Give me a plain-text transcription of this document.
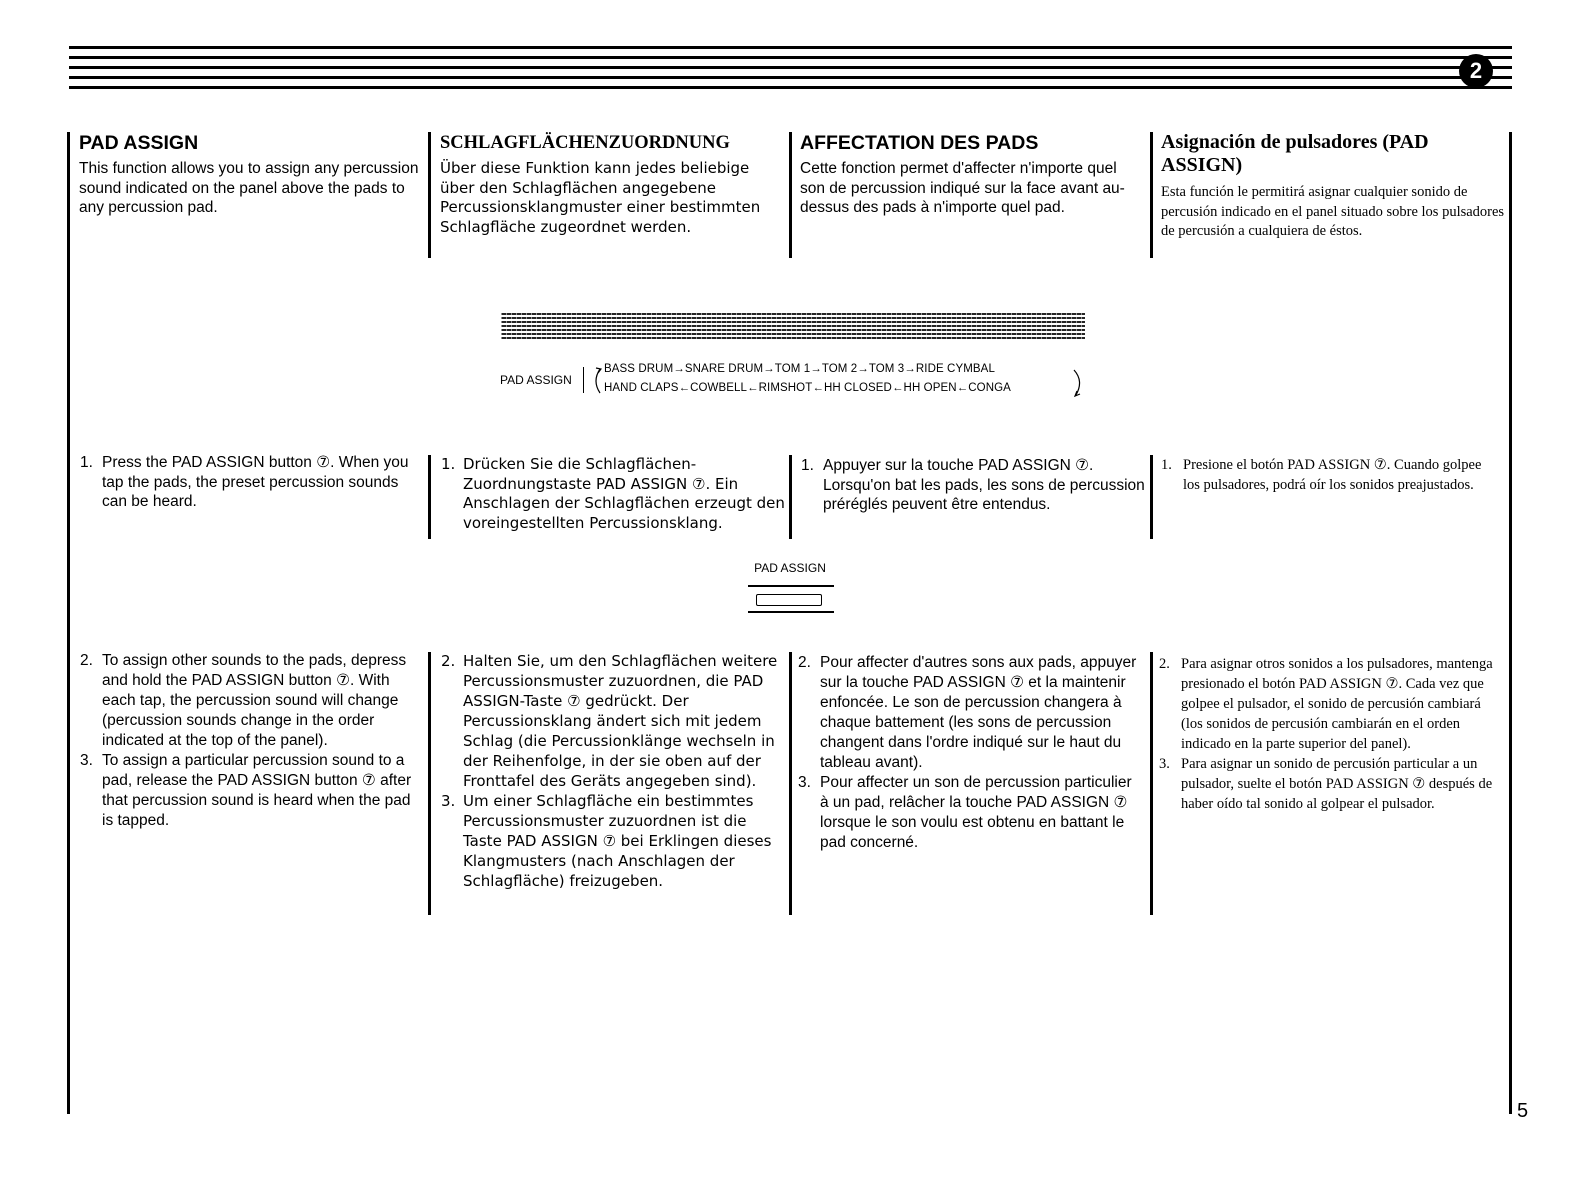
2
PAD ASSIGN

This function allows you to assign any percussion sound indicated on the panel above the pads to any percussion pad.

SCHLAGFLÄCHENZUORDNUNG

Über diese Funktion kann jedes beliebige über den Schlagflächen angegebene Percussionsklangmuster einer bestimmten Schlagfläche zugeordnet werden.

AFFECTATION DES PADS

Cette fonction permet d'affecter n'importe quel son de percussion indiqué sur la face avant au-dessus des pads à n'importe quel pad.

Asignación de pulsadores (PAD ASSIGN)

Esta función le permitirá asignar cualquier sonido de percusión indicado en el panel situado sobre los pulsadores de percusión a cualquiera de éstos.

PAD ASSIGN
BASS DRUM→SNARE DRUM→TOM 1→TOM 2→TOM 3→RIDE CYMBAL
HAND CLAPS←COWBELL←RIMSHOT←HH CLOSED←HH OPEN←CONGA
1. Press the PAD ASSIGN button ⑦. When you tap the pads, the preset percussion sounds can be heard.
1. Drücken Sie die Schlagflächen-Zuordnungstaste PAD ASSIGN ⑦. Ein Anschlagen der Schlagflächen erzeugt den voreingestellten Percussionsklang.
1. Appuyer sur la touche PAD ASSIGN ⑦. Lorsqu'on bat les pads, les sons de percussion préréglés peuvent être entendus.
1. Presione el botón PAD ASSIGN ⑦. Cuando golpee los pulsadores, podrá oír los sonidos preajustados.
PAD ASSIGN
2. To assign other sounds to the pads, depress and hold the PAD ASSIGN button ⑦. With each tap, the percussion sound will change (percussion sounds change in the order indicated at the top of the panel).
3. To assign a particular percussion sound to a pad, release the PAD ASSIGN button ⑦ after that percussion sound is heard when the pad is tapped.
2. Halten Sie, um den Schlagflächen weitere Percussionsmuster zuzuordnen, die PAD ASSIGN-Taste ⑦ gedrückt. Der Percussionsklang ändert sich mit jedem Schlag (die Percussionklänge wechseln in der Reihenfolge, in der sie oben auf der Fronttafel des Geräts angegeben sind).
3. Um einer Schlagfläche ein bestimmtes Percussionsmuster zuzuordnen ist die Taste PAD ASSIGN ⑦ bei Erklingen dieses Klangmusters (nach Anschlagen der Schlagfläche) freizugeben.
2. Pour affecter d'autres sons aux pads, appuyer sur la touche PAD ASSIGN ⑦ et la maintenir enfoncée. Le son de percussion changera à chaque battement (les sons de percussion changent dans l'ordre indiqué sur le haut du tableau avant).
3. Pour affecter un son de percussion particulier à un pad, relâcher la touche PAD ASSIGN ⑦ lorsque le son voulu est obtenu en battant le pad concerné.
2. Para asignar otros sonidos a los pulsadores, mantenga presionado el botón PAD ASSIGN ⑦. Cada vez que golpee el pulsador, el sonido de percusión cambiará (los sonidos de percusión cambiarán en el orden indicado en la parte superior del panel).
3. Para asignar un sonido de percusión particular a un pulsador, suelte el botón PAD ASSIGN ⑦ después de haber oído tal sonido al golpear el pulsador.
5
